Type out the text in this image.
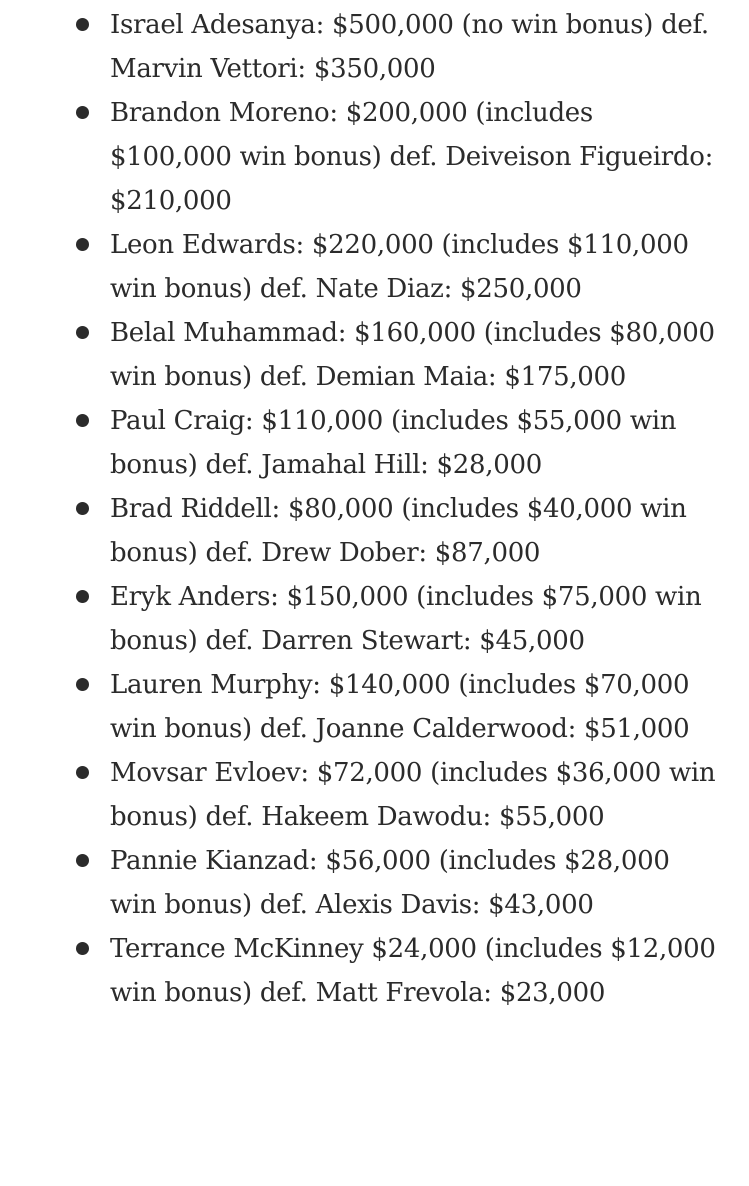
Israel Adesanya: $500,000 (no win bonus) def. Marvin Vettori: $350,000
Brandon Moreno: $200,000 (includes $100,000 win bonus) def. Deiveison Figueirdo: $210,000
Leon Edwards: $220,000 (includes $110,000 win bonus) def. Nate Diaz: $250,000
Belal Muhammad: $160,000 (includes $80,000 win bonus) def. Demian Maia: $175,000
Paul Craig: $110,000 (includes $55,000 win bonus) def. Jamahal Hill: $28,000
Brad Riddell: $80,000 (includes $40,000 win bonus) def. Drew Dober: $87,000
Eryk Anders: $150,000 (includes $75,000 win bonus) def. Darren Stewart: $45,000
Lauren Murphy: $140,000 (includes $70,000 win bonus) def. Joanne Calderwood: $51,000
Movsar Evloev: $72,000 (includes $36,000 win bonus) def. Hakeem Dawodu: $55,000
Pannie Kianzad: $56,000 (includes $28,000 win bonus) def. Alexis Davis: $43,000
Terrance McKinney $24,000 (includes $12,000 win bonus) def. Matt Frevola: $23,000
